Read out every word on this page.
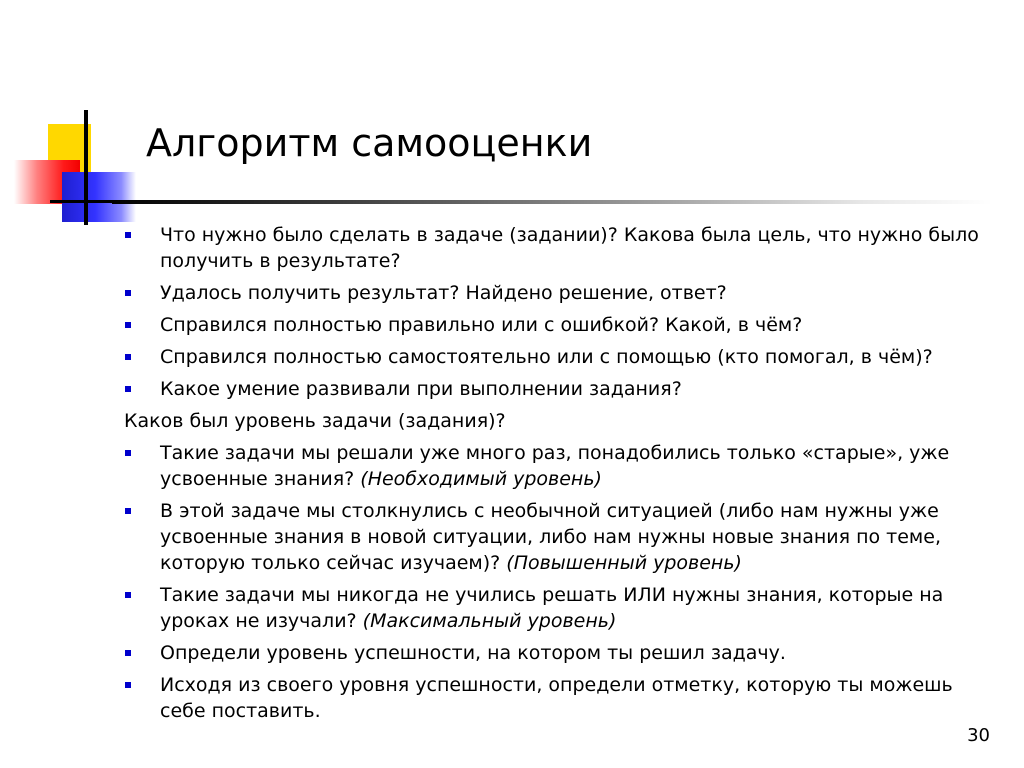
Алгоритм самооценки
Что нужно было сделать в задаче (задании)? Какова была цель, что нужно было получить в результате?
Удалось получить результат? Найдено решение, ответ?
Справился полностью правильно или с ошибкой? Какой, в чём?
Справился полностью самостоятельно или с помощью (кто помогал, в чём)?
Какое умение развивали при выполнении задания?
Каков был уровень задачи (задания)?
Такие задачи мы решали уже много раз, понадобились только «старые», уже усвоенные знания? (Необходимый уровень)
В этой задаче мы столкнулись с необычной ситуацией (либо нам нужны уже усвоенные знания в новой ситуации, либо нам нужны новые знания по теме, которую только сейчас изучаем)? (Повышенный уровень)
Такие задачи мы никогда не учились решать ИЛИ нужны знания, которые на уроках не изучали? (Максимальный уровень)
Определи уровень успешности, на котором ты решил задачу.
Исходя из своего уровня успешности, определи отметку, которую ты можешь себе поставить.
30
